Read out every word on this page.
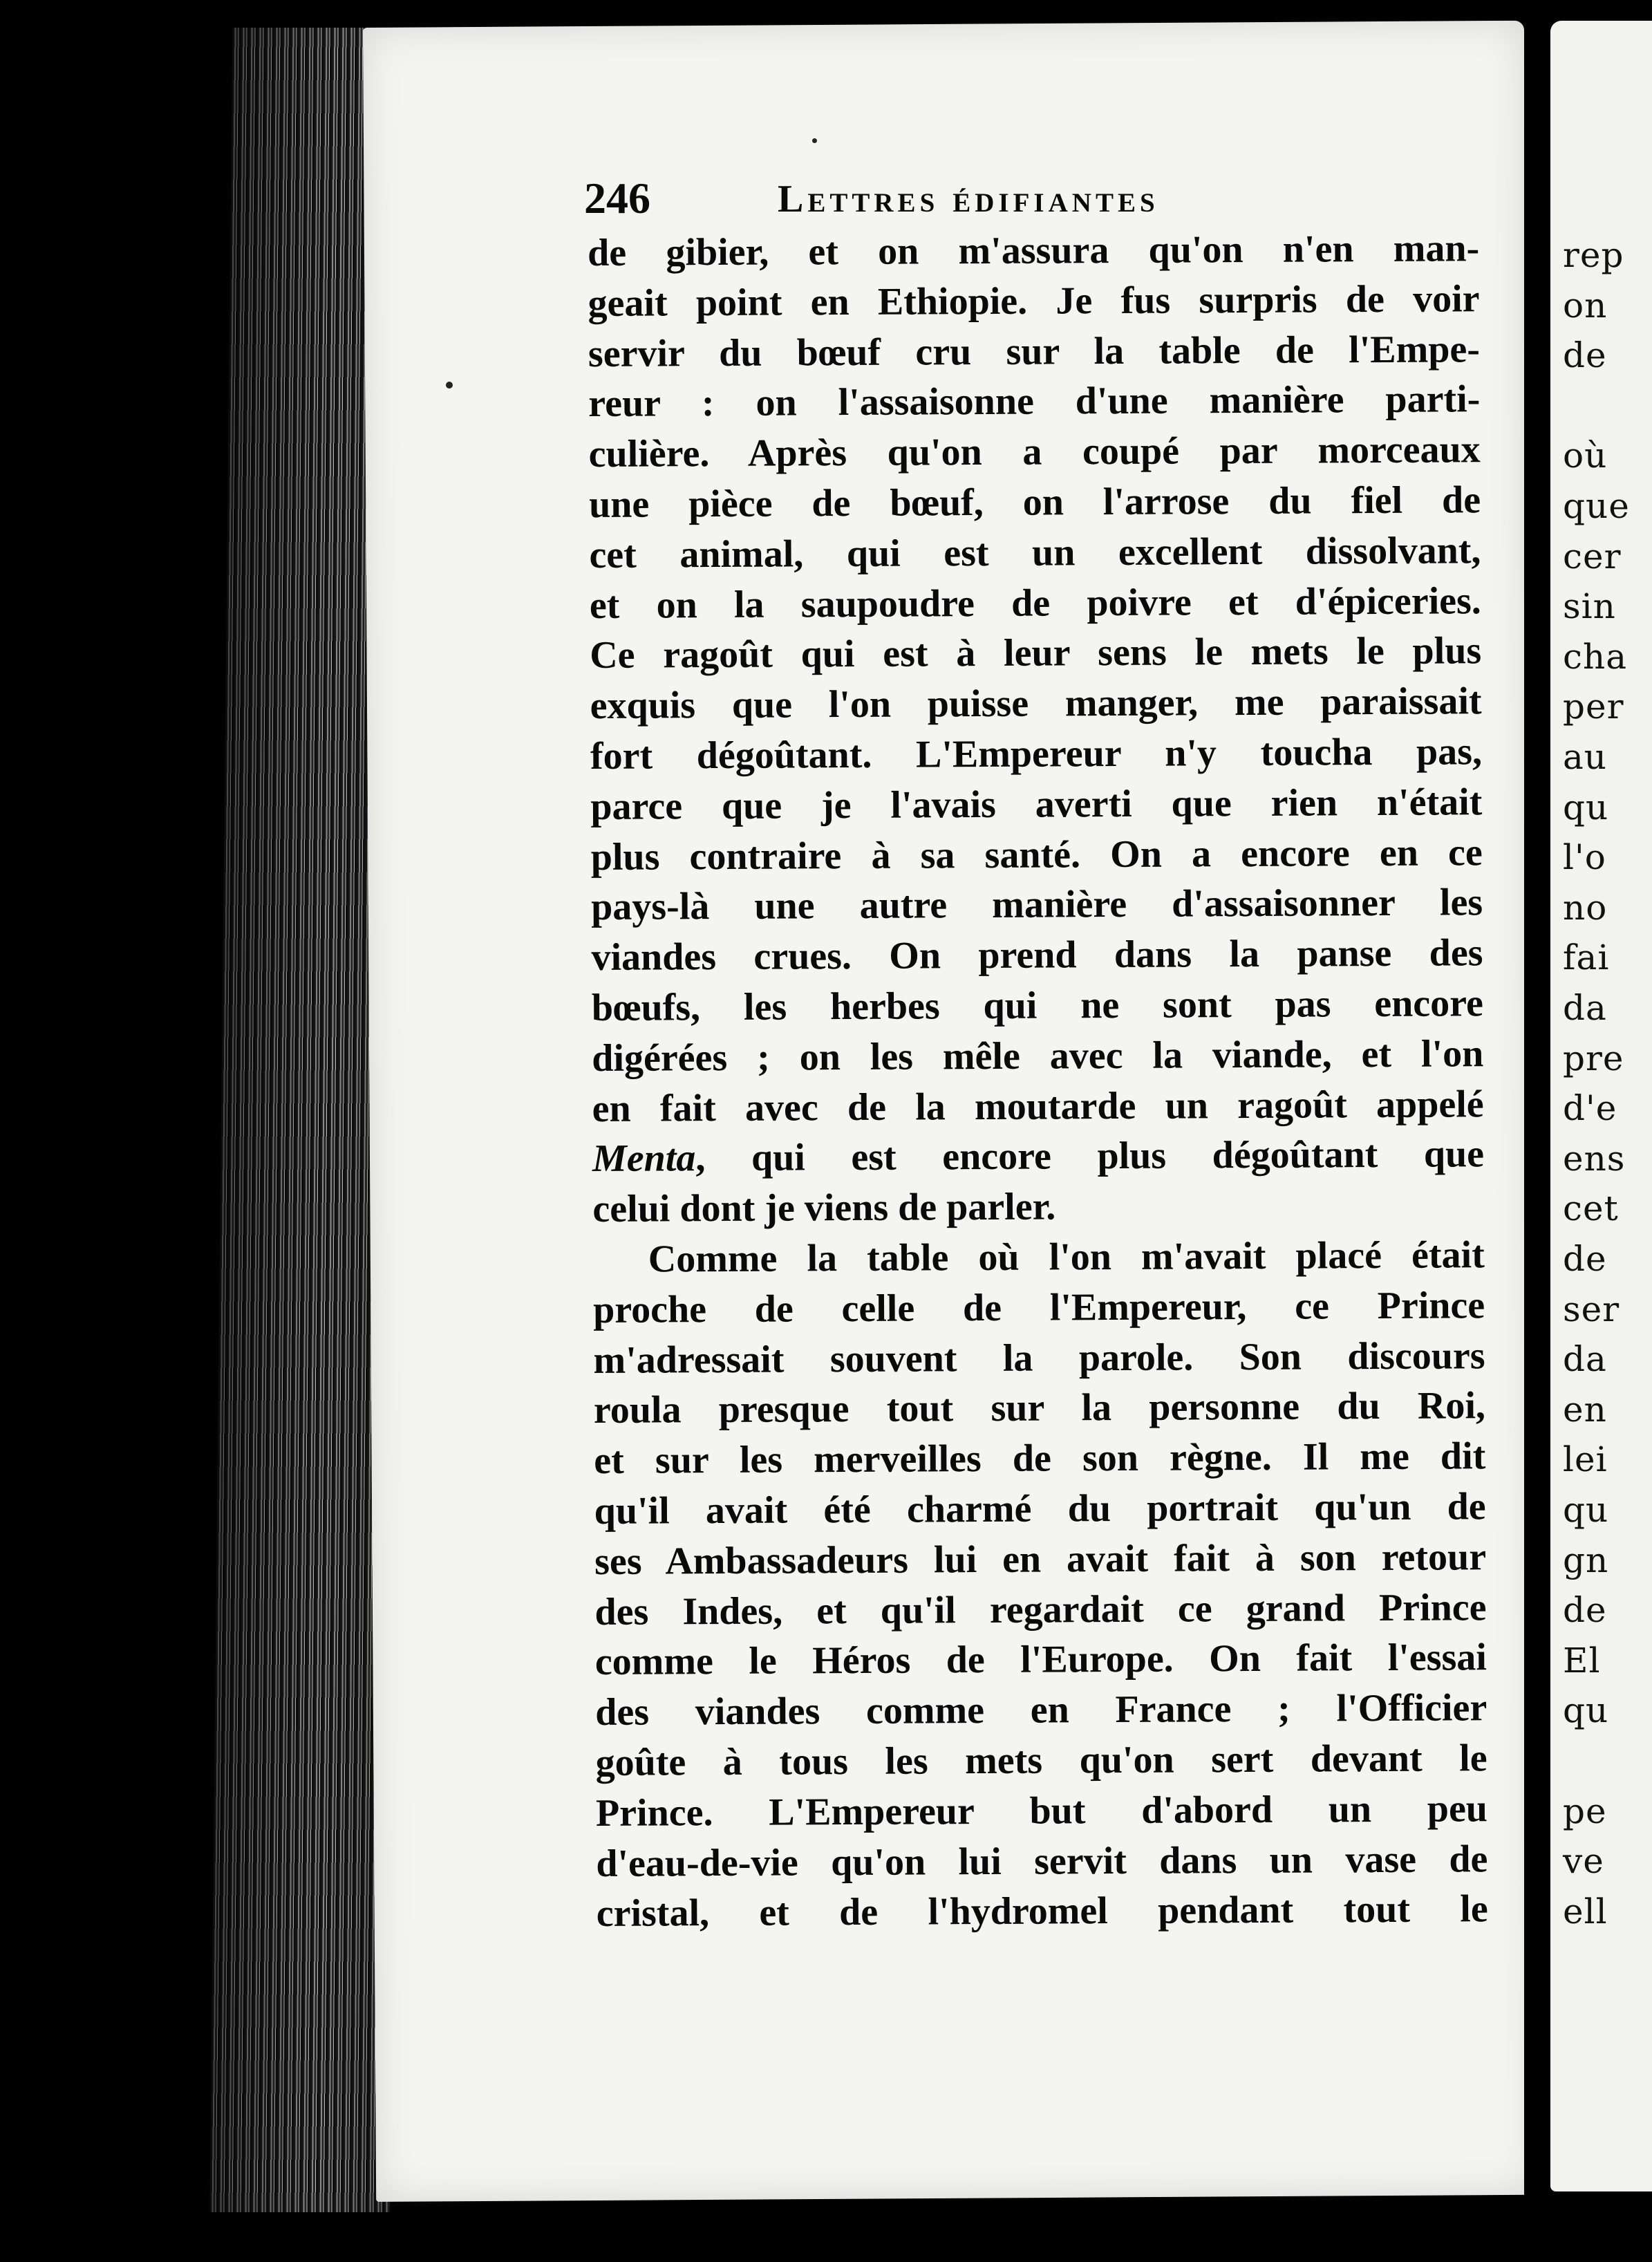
246	Lettres édifiantes
de gibier, et on m'assura qu'on n'en man-
geait point en Ethiopie. Je fus surpris de voir
servir du bœuf cru sur la table de l'Empe-
reur : on l'assaisonne d'une manière parti-
culière. Après qu'on a coupé par morceaux
une pièce de bœuf, on l'arrose du fiel de
cet animal, qui est un excellent dissolvant,
et on la saupoudre de poivre et d'épiceries.
Ce ragoût qui est à leur sens le mets le plus
exquis que l'on puisse manger, me paraissait
fort dégoûtant. L'Empereur n'y toucha pas,
parce que je l'avais averti que rien n'était
plus contraire à sa santé. On a encore en ce
pays-là une autre manière d'assaisonner les
viandes crues. On prend dans la panse des
bœufs, les herbes qui ne sont pas encore
digérées ; on les mêle avec la viande, et l'on
en fait avec de la moutarde un ragoût appelé
Menta, qui est encore plus dégoûtant que
celui dont je viens de parler.
Comme la table où l'on m'avait placé était
proche de celle de l'Empereur, ce Prince
m'adressait souvent la parole. Son discours
roula presque tout sur la personne du Roi,
et sur les merveilles de son règne. Il me dit
qu'il avait été charmé du portrait qu'un de
ses Ambassadeurs lui en avait fait à son retour
des Indes, et qu'il regardait ce grand Prince
comme le Héros de l'Europe. On fait l'essai
des viandes comme en France ; l'Officier
goûte à tous les mets qu'on sert devant le
Prince. L'Empereur but d'abord un peu
d'eau-de-vie qu'on lui servit dans un vase de
cristal, et de l'hydromel pendant tout le
rep
on
de
où
que
cer
sin
cha
per
au
qu
l'o
no
fai
da
pre
d'e
ens
cet
de
ser
da
en
lei
qu
gn
de
El
qu
pe
ve
ell
